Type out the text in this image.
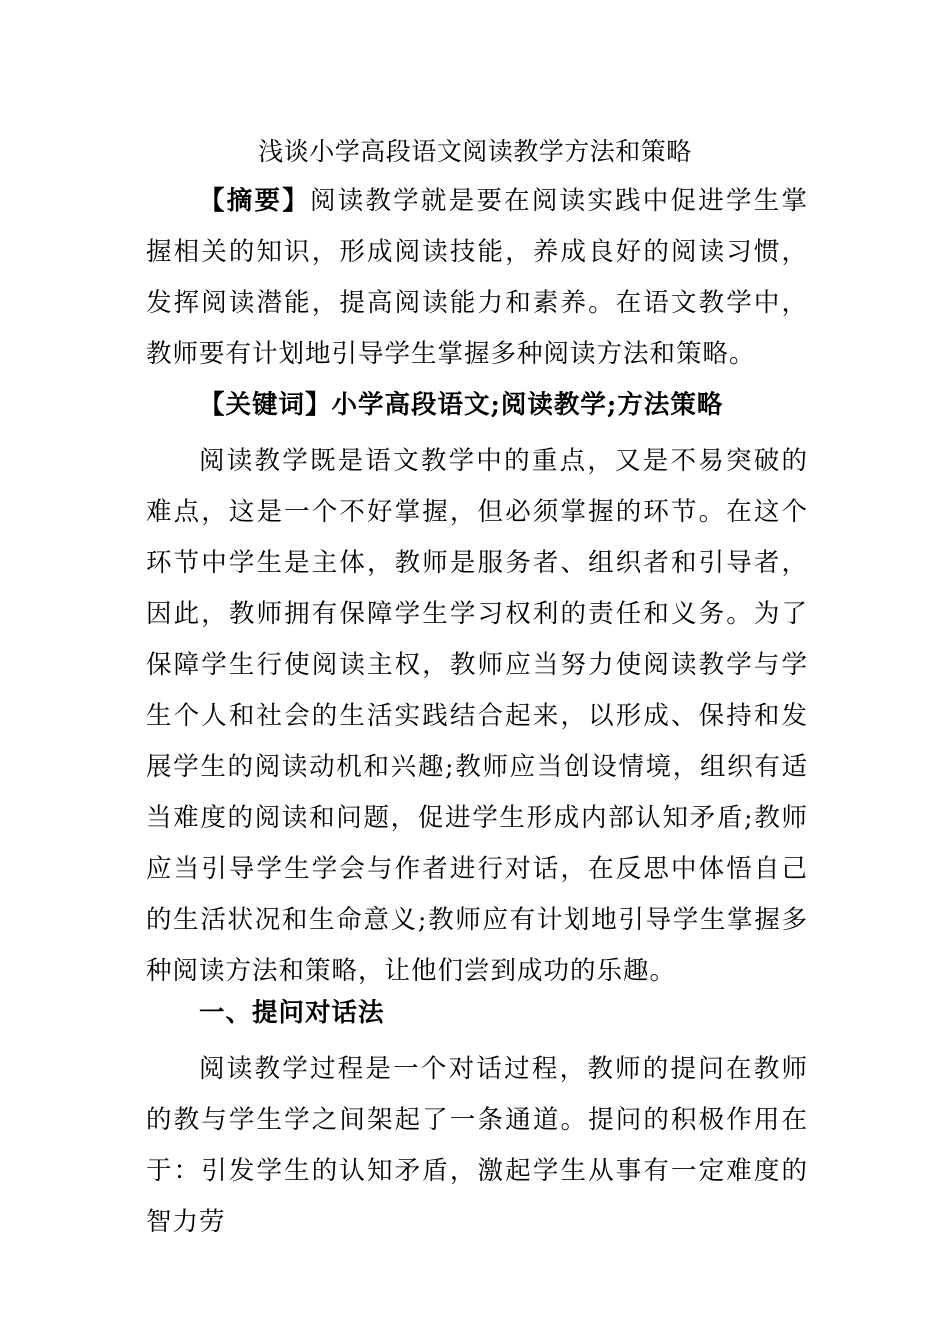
浅谈小学高段语文阅读教学方法和策略

【摘要】阅读教学就是要在阅读实践中促进学生掌握相关的知识，形成阅读技能，养成良好的阅读习惯，发挥阅读潜能，提高阅读能力和素养。在语文教学中，教师要有计划地引导学生掌握多种阅读方法和策略。

【关键词】小学高段语文;阅读教学;方法策略

阅读教学既是语文教学中的重点，又是不易突破的难点，这是一个不好掌握，但必须掌握的环节。在这个环节中学生是主体，教师是服务者、组织者和引导者，因此，教师拥有保障学生学习权利的责任和义务。为了保障学生行使阅读主权，教师应当努力使阅读教学与学生个人和社会的生活实践结合起来，以形成、保持和发展学生的阅读动机和兴趣;教师应当创设情境，组织有适当难度的阅读和问题，促进学生形成内部认知矛盾;教师应当引导学生学会与作者进行对话，在反思中体悟自己的生活状况和生命意义;教师应有计划地引导学生掌握多种阅读方法和策略，让他们尝到成功的乐趣。

一、提问对话法

阅读教学过程是一个对话过程，教师的提问在教师的教与学生学之间架起了一条通道。提问的积极作用在于：引发学生的认知矛盾，激起学生从事有一定难度的智力劳
